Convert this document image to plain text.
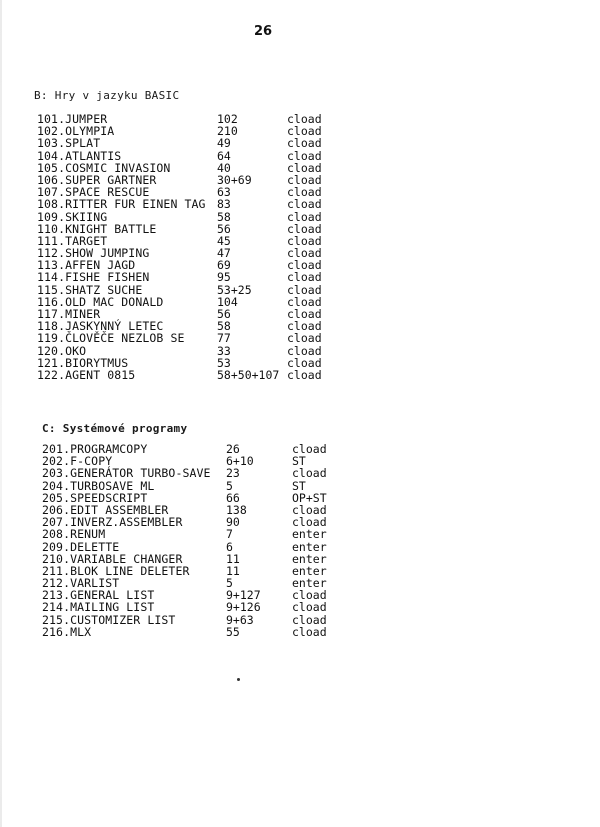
26
B: Hry v jazyku BASIC
101.JUMPER	102	cload
102.OLYMPIA	210	cload
103.SPLAT	49	cload
104.ATLANTIS	64	cload
105.COSMIC INVASION	40	cload
106.SUPER GARTNER	30+69	cload
107.SPACE RESCUE	63	cload
108.RITTER FUR EINEN TAG 83	cload
109.SKIING	58	cload
110.KNIGHT BATTLE	56	cload
111.TARGET	45	cload
112.SHOW JUMPING	47	cload
113.AFFEN JAGD	69	cload
114.FISHE FISHEN	95	cload
115.SHATZ SUCHE	53+25	cload
116.OLD MAC DONALD	104	cload
117.MINER	56	cload
118.JASKYNNÝ LETEC	58	cload
119.ČLOVĚČE NEZLOB SE	77	cload
120.OKO	33	cload
121.BIORYTMUS	53	cload
122.AGENT 0815	58+50+107 cload
C: Systémové programy
201.PROGRAMCOPY	26	cload
202.F-COPY	6+10	ST
203.GENERÁTOR TURBO-SAVE 23	cload
204.TURBOSAVE ML	5	ST
205.SPEEDSCRIPT	66	OP+ST
206.EDIT ASSEMBLER	138	cload
207.INVERZ.ASSEMBLER	90	cload
208.RENUM	7	enter
209.DELETTE	6	enter
210.VARIABLE CHANGER	11	enter
211.BLOK LINE DELETER	11	enter
212.VARLIST	5	enter
213.GENERAL LIST	9+127	cload
214.MAILING LIST	9+126	cload
215.CUSTOMIZER LIST	9+63	cload
216.MLX	55	cload
